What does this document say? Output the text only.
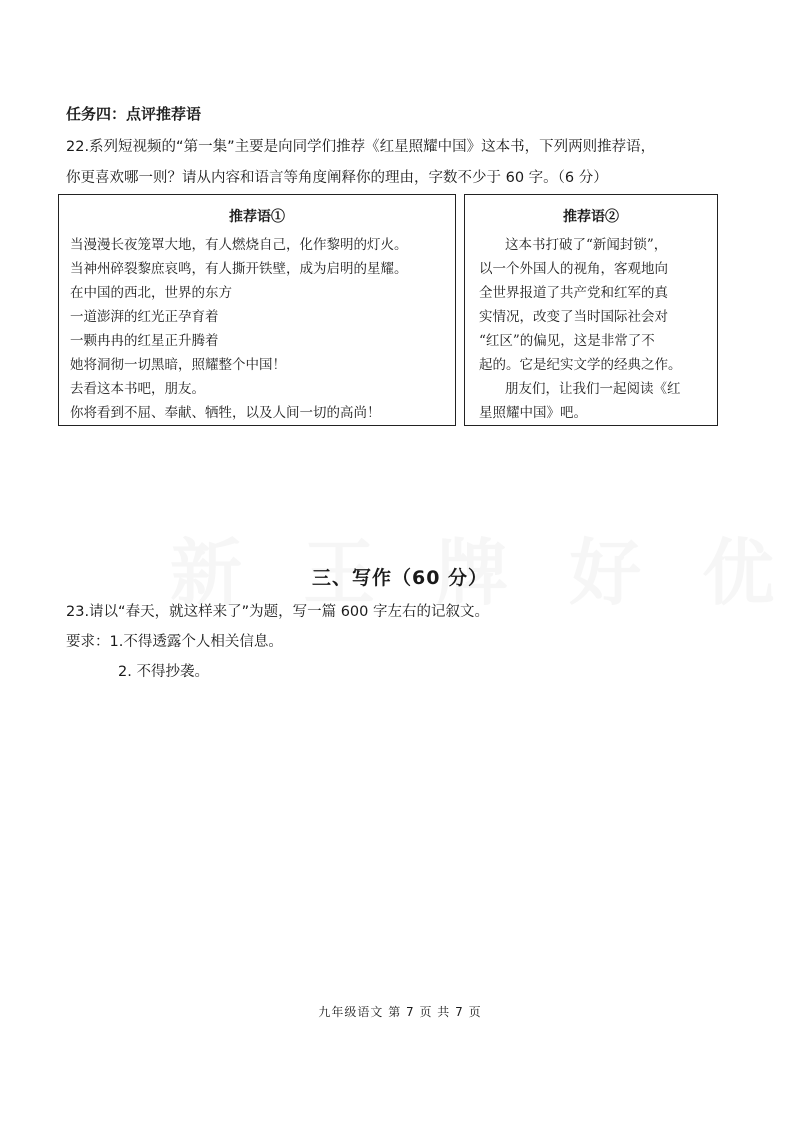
任务四：点评推荐语
22.系列短视频的“第一集”主要是向同学们推荐《红星照耀中国》这本书，下列两则推荐语，
你更喜欢哪一则？请从内容和语言等角度阐释你的理由，字数不少于 60 字。（6 分）
推荐语①
当漫漫长夜笼罩大地，有人燃烧自己，化作黎明的灯火。
当神州碎裂黎庶哀鸣，有人撕开铁壁，成为启明的星耀。
在中国的西北，世界的东方
一道澎湃的红光正孕育着
一颗冉冉的红星正升腾着
她将洞彻一切黑暗，照耀整个中国！
去看这本书吧，朋友。
你将看到不屈、奉献、牺牲，以及人间一切的高尚！
推荐语②
这本书打破了“新闻封锁”，
以一个外国人的视角，客观地向
全世界报道了共产党和红军的真
实情况，改变了当时国际社会对
“红区”的偏见，这是非常了不
起的。它是纪实文学的经典之作。
朋友们，让我们一起阅读《红
星照耀中国》吧。
三、写作（60 分）
23.请以“春天，就这样来了”为题，写一篇 600 字左右的记叙文。
要求：1.不得透露个人相关信息。
2. 不得抄袭。
九年级语文 第 7 页 共 7 页
